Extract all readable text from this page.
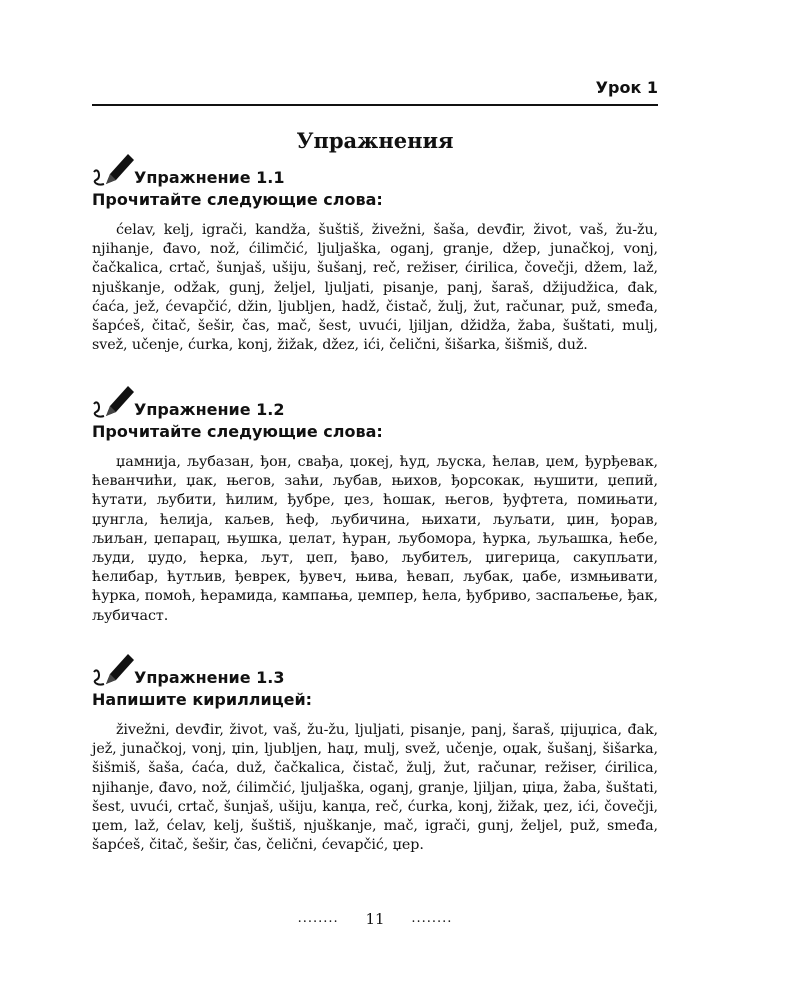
Урок 1
Упражнения
Упражнение 1.1
Прочитайте следующие слова:
ćelav, kelj, igrači, kandža, šuštiš, živežni, šaša, devđir, život, vaš, žu-žu, njihanje, đavo, nož, ćilimčić, ljuljaška, oganj, granje, džep, junačkoj, vonj, čačkalica, crtač, šunjaš, ušiju, šušanj, reč, režiser, ćirilica, čovečji, džem, laž, njuškanje, odžak, gunj, željel, ljuljati, pisanje, panj, šaraš, džijudžica, đak, ćaća, jež, ćevapčić, džin, ljubljen, hadž, čistač, žulj, žut, računar, puž, smeđa, šapćeš, čitač, šešir, čas, mač, šest, uvući, ljiljan, džidža, žaba, šuštati, mulj, svež, učenje, ćurka, konj, žižak, džez, ići, čelični, šišarka, šišmiš, duž.
Упражнение 1.2
Прочитайте следующие слова:
џамнија, љубазан, ђон, свађа, џокеј, ћуд, љуска, ћелав, џем, ђурђевак, ћеванчићи, џак, његов, заћи, љубав, њихов, ђорсокак, њушити, џепий, ћутати, љубити, ћилим, ђубре, џез, ћошак, његов, ђуфтета, помињати, џунгла, ћелија, каљев, ћеф, љубичина, њихати, љуљати, џин, ђорав, љиљан, џепарац, њушка, џелат, ћуран, љубомора, ћурка, љуљашка, ћебе, људи, џудо, ћерка, љут, џеп, ђаво, љубитељ, џигерица, сакупљати, ћелибар, ћутљив, ђеврек, ђувеч, њива, ћевап, љубак, џабе, измњивати, ћурка, помоћ, ћерамида, кампања, џемпер, ћела, ђубриво, заспаљење, ђак, љубичаст.
Упражнение 1.3
Напишите кириллицей:
živežni, devđir, život, vaš, žu-žu, ljuljati, pisanje, panj, šaraš, џijuџica, đak, jež, junačkoj, vonj, џin, ljubljen, haџ, mulj, svež, učenje, oџak, šušanj, šišarka, šišmiš, šaša, ćaća, duž, čačkalica, čistač, žulj, žut, računar, režiser, ćirilica, njihanje, đavo, nož, ćilimčić, ljuljaška, oganj, granje, ljiljan, џiџa, žaba, šuštati, šest, uvući, crtač, šunjaš, ušiju, kanџa, reč, ćurka, konj, žižak, џez, ići, čovečji, џem, laž, ćelav, kelj, šuštiš, njuškanje, mač, igrači, gunj, željel, puž, smeđa, šapćeš, čitač, šešir, čas, čelični, ćevapčić, џep.
........ 11 ........
